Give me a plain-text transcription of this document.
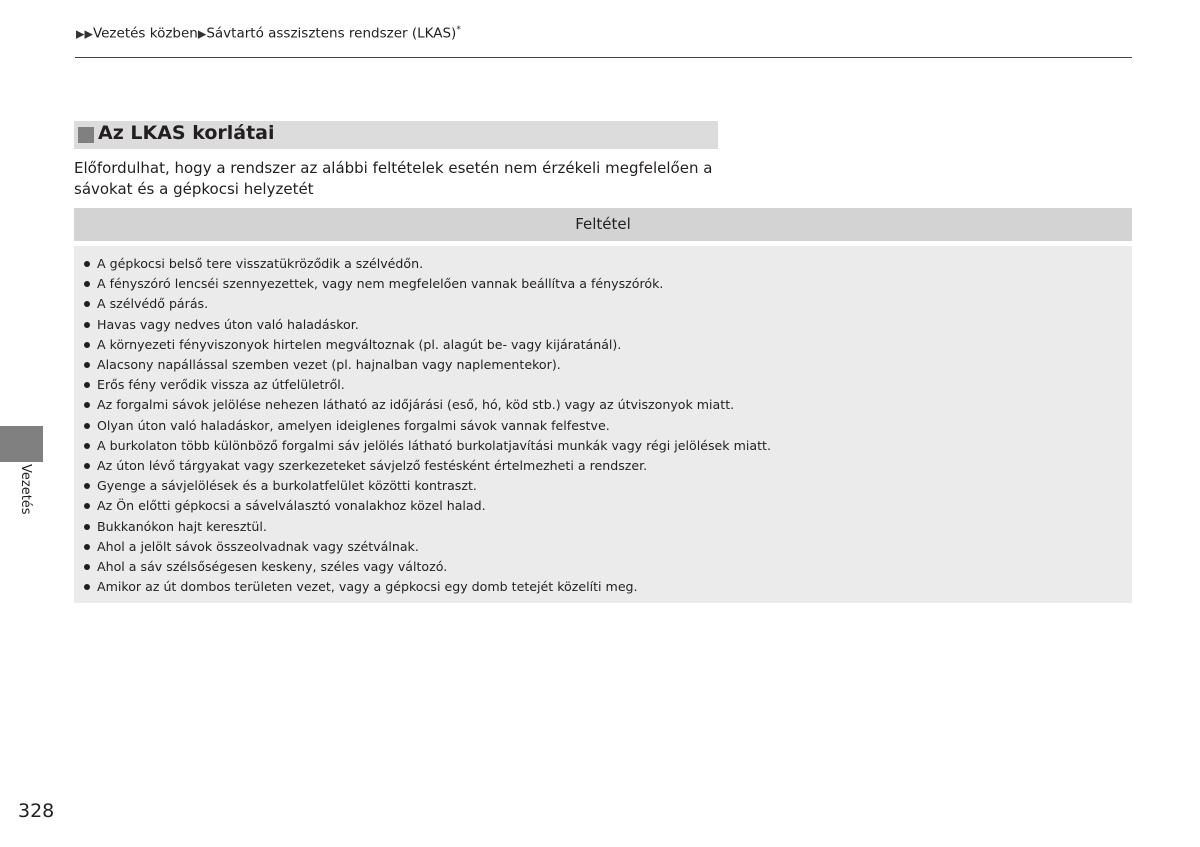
▶▶Vezetés közben▶Sávtartó asszisztens rendszer (LKAS)*
Az LKAS korlátai
Előfordulhat, hogy a rendszer az alábbi feltételek esetén nem érzékeli megfelelően a sávokat és a gépkocsi helyzetét
Feltétel
A gépkocsi belső tere visszatükröződik a szélvédőn.
A fényszóró lencséi szennyezettek, vagy nem megfelelően vannak beállítva a fényszórók.
A szélvédő párás.
Havas vagy nedves úton való haladáskor.
A környezeti fényviszonyok hirtelen megváltoznak (pl. alagút be- vagy kijáratánál).
Alacsony napállással szemben vezet (pl. hajnalban vagy naplementekor).
Erős fény verődik vissza az útfelületről.
Az forgalmi sávok jelölése nehezen látható az időjárási (eső, hó, köd stb.) vagy az útviszonyok miatt.
Olyan úton való haladáskor, amelyen ideiglenes forgalmi sávok vannak felfestve.
A burkolaton több különböző forgalmi sáv jelölés látható burkolatjavítási munkák vagy régi jelölések miatt.
Az úton lévő tárgyakat vagy szerkezeteket sávjelző festésként értelmezheti a rendszer.
Gyenge a sávjelölések és a burkolatfelület közötti kontraszt.
Az Ön előtti gépkocsi a sávelválasztó vonalakhoz közel halad.
Bukkanókon hajt keresztül.
Ahol a jelölt sávok összeolvadnak vagy szétválnak.
Ahol a sáv szélsőségesen keskeny, széles vagy változó.
Amikor az út dombos területen vezet, vagy a gépkocsi egy domb tetejét közelíti meg.
Vezetés
328
